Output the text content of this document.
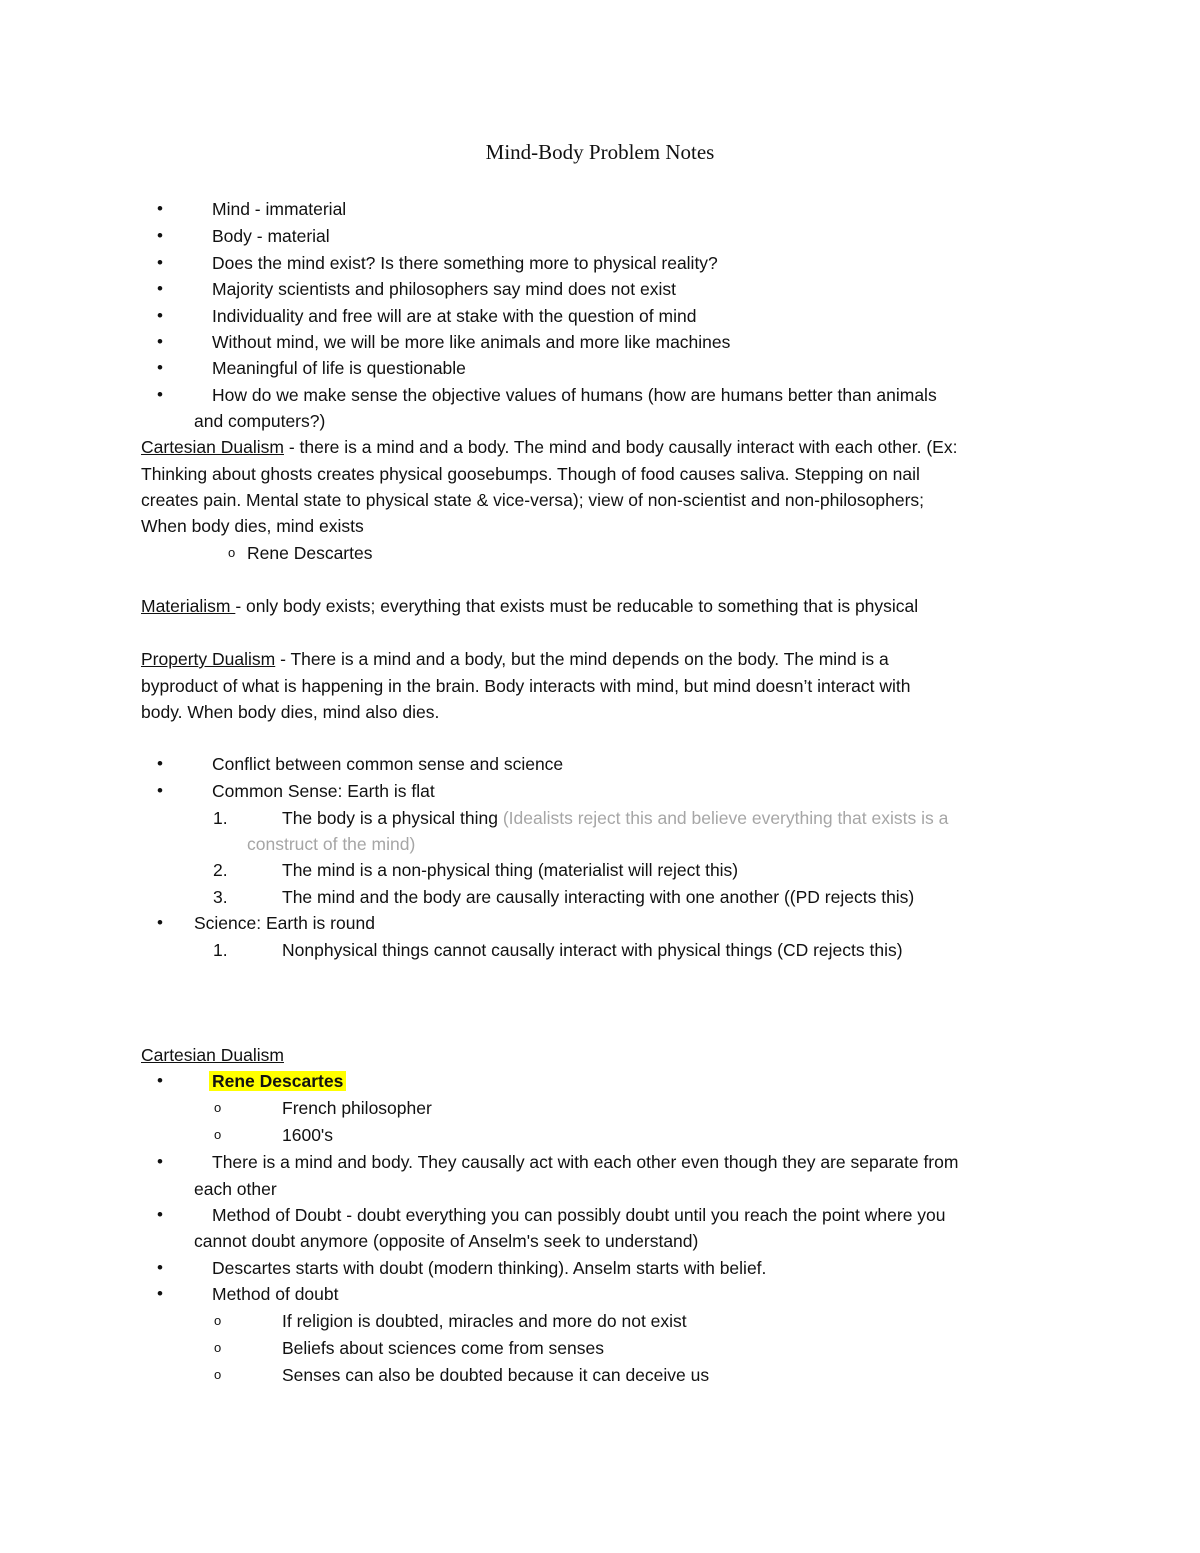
Mind-Body Problem Notes
•	Mind - immaterial
•	Body - material
•	Does the mind exist? Is there something more to physical reality?
•	Majority scientists and philosophers say mind does not exist
•	Individuality and free will are at stake with the question of mind
•	Without mind, we will be more like animals and more like machines
•	Meaningful of life is questionable
•	How do we make sense the objective values of humans (how are humans better than animals
and computers?)
Cartesian Dualism - there is a mind and a body. The mind and body causally interact with each other. (Ex:
Thinking about ghosts creates physical goosebumps. Though of food causes saliva. Stepping on nail
creates pain. Mental state to physical state & vice-versa); view of non-scientist and non-philosophers;
When body dies, mind exists
o Rene Descartes
Materialism - only body exists; everything that exists must be reducable to something that is physical
Property Dualism - There is a mind and a body, but the mind depends on the body. The mind is a
byproduct of what is happening in the brain. Body interacts with mind, but mind doesn’t interact with
body. When body dies, mind also dies.
•	Conflict between common sense and science
•	Common Sense: Earth is flat
1.	The body is a physical thing (Idealists reject this and believe everything that exists is a
construct of the mind)
2.	The mind is a non-physical thing (materialist will reject this)
3.	The mind and the body are causally interacting with one another ((PD rejects this)
• Science: Earth is round
1.	Nonphysical things cannot causally interact with physical things (CD rejects this)
Cartesian Dualism
•	Rene Descartes
o	French philosopher
o	1600's
•	There is a mind and body. They causally act with each other even though they are separate from
each other
•	Method of Doubt - doubt everything you can possibly doubt until you reach the point where you
cannot doubt anymore (opposite of Anselm's seek to understand)
•	Descartes starts with doubt (modern thinking). Anselm starts with belief.
•	Method of doubt
o	If religion is doubted, miracles and more do not exist
o	Beliefs about sciences come from senses
o	Senses can also be doubted because it can deceive us
